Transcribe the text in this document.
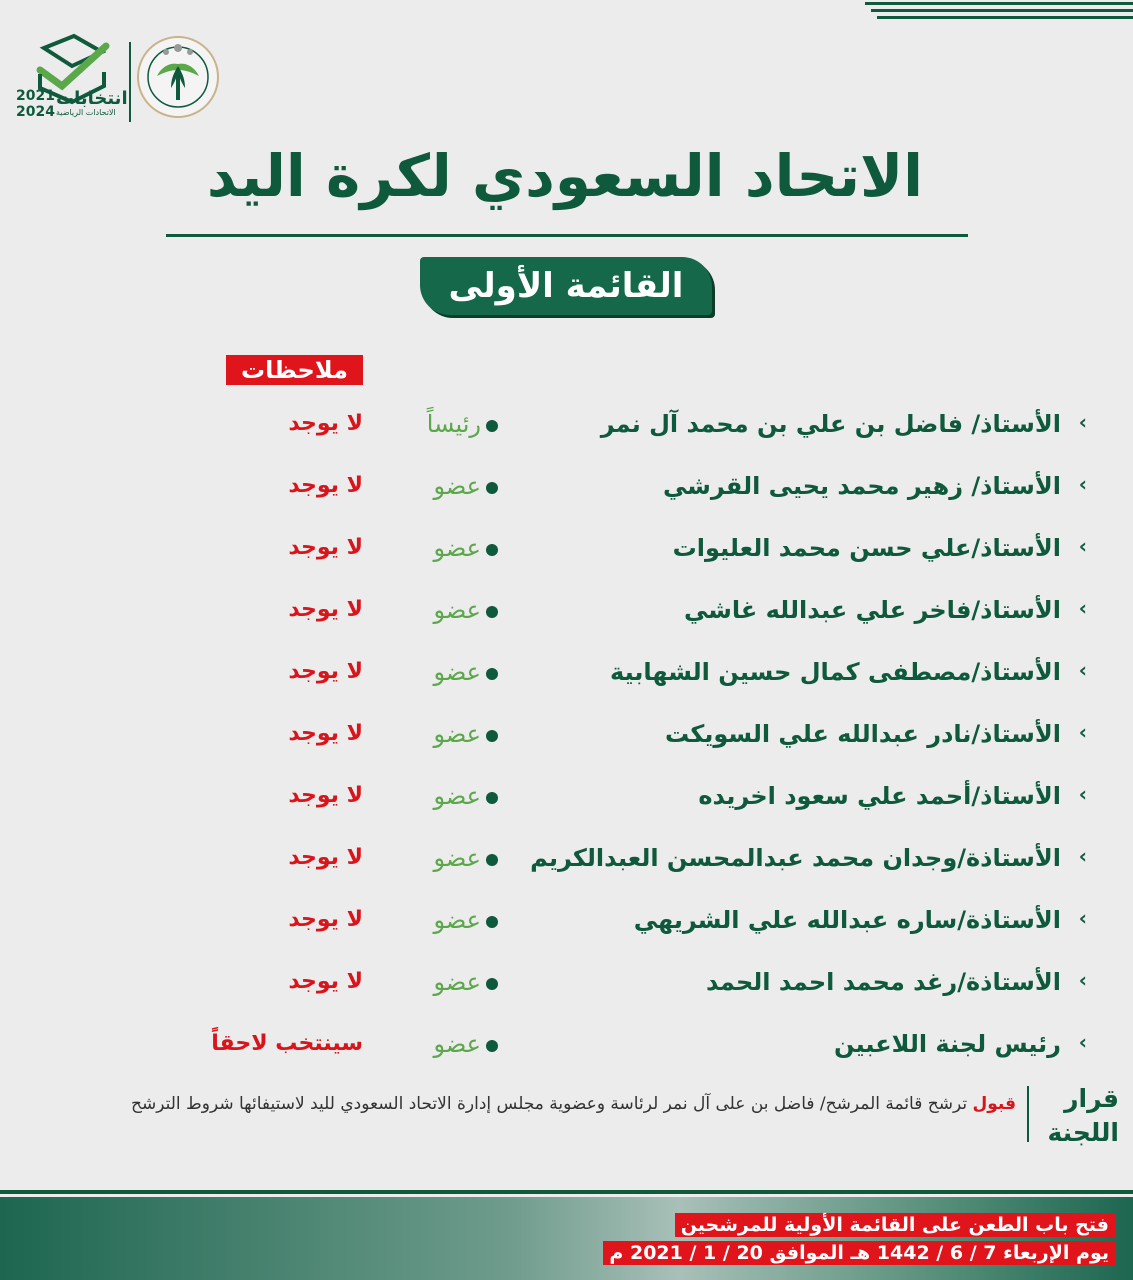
انتخابات
2021
2024 الاتحادات الرياضية
الاتحاد السعودي لكرة اليد
القائمة الأولى
ملاحظات
‹
الأستاذ/ فاضل بن علي بن محمد آل نمر
رئيساً
لا يوجد
‹
الأستاذ/ زهير محمد يحيى القرشي
عضو
لا يوجد
‹
الأستاذ/علي حسن محمد العليوات
عضو
لا يوجد
‹
الأستاذ/فاخر علي عبدالله غاشي
عضو
لا يوجد
‹
الأستاذ/مصطفى كمال حسين الشهابية
عضو
لا يوجد
‹
الأستاذ/نادر عبدالله علي السويكت
عضو
لا يوجد
‹
الأستاذ/أحمد علي سعود اخريده
عضو
لا يوجد
‹
الأستاذة/وجدان محمد عبدالمحسن العبدالكريم
عضو
لا يوجد
‹
الأستاذة/ساره عبدالله علي الشريهي
عضو
لا يوجد
‹
الأستاذة/رغد محمد احمد الحمد
عضو
لا يوجد
‹
رئيس لجنة اللاعبين
عضو
سينتخب لاحقاً
قرار
اللجنة
قبول ترشح قائمة المرشح/ فاضل بن على آل نمر لرئاسة وعضوية مجلس إدارة الاتحاد السعودي لليد لاستيفائها شروط الترشح
فتح باب الطعن على القائمة الأولية للمرشحين
يوم الإربعاء 7 / 6 / 1442 هـ الموافق 20 / 1 / 2021 م
